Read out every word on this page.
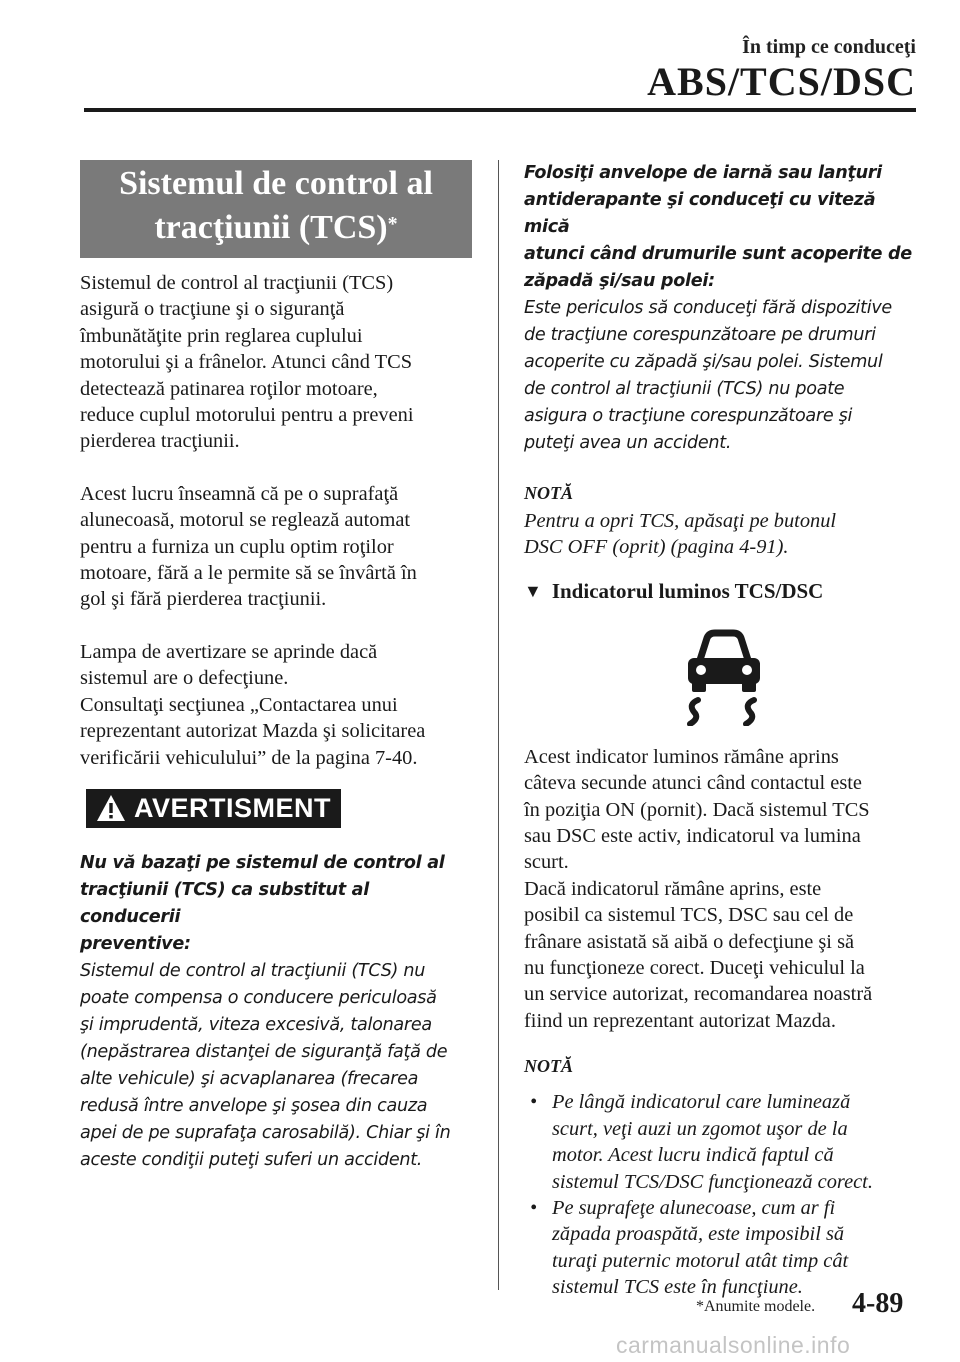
În timp ce conduceţi
ABS/TCS/DSC
Sistemul de control al
tracţiunii (TCS)*

Sistemul de control al tracţiunii (TCS)

asigură o tracţiune şi o siguranţă

îmbunătăţite prin reglarea cuplului

motorului şi a frânelor. Atunci când TCS

detectează patinarea roţilor motoare,

reduce cuplul motorului pentru a preveni

pierderea tracţiunii.

Acest lucru înseamnă că pe o suprafaţă

alunecoasă, motorul se reglează automat

pentru a furniza un cuplu optim roţilor

motoare, fără a le permite să se învârtă în

gol şi fără pierderea tracţiunii.

Lampa de avertizare se aprinde dacă

sistemul are o defecţiune.

Consultaţi secţiunea „Contactarea unui

reprezentant autorizat Mazda şi solicitarea

verificării vehiculului” de la pagina 7-40.

AVERTISMENT

Nu vă bazaţi pe sistemul de control al

tracţiunii (TCS) ca substitut al conducerii

preventive:

Sistemul de control al tracţiunii (TCS) nu

poate compensa o conducere periculoasă

şi imprudentă, viteza excesivă, talonarea

(nepăstrarea distanţei de siguranţă faţă de

alte vehicule) şi acvaplanarea (frecarea

redusă între anvelope şi şosea din cauza

apei de pe suprafaţa carosabilă). Chiar şi în

aceste condiţii puteţi suferi un accident.

Folosiţi anvelope de iarnă sau lanţuri

antiderapante şi conduceţi cu viteză mică

atunci când drumurile sunt acoperite de

zăpadă şi/sau polei:

Este periculos să conduceţi fără dispozitive

de tracţiune corespunzătoare pe drumuri

acoperite cu zăpadă şi/sau polei. Sistemul

de control al tracţiunii (TCS) nu poate

asigura o tracţiune corespunzătoare şi

puteţi avea un accident.

NOTĂ

Pentru a opri TCS, apăsaţi pe butonul

DSC OFF (oprit) (pagina 4-91).

▼ Indicatorul luminos TCS/DSC

Acest indicator luminos rămâne aprins

câteva secunde atunci când contactul este

în poziţia ON (pornit). Dacă sistemul TCS

sau DSC este activ, indicatorul va lumina

scurt.

Dacă indicatorul rămâne aprins, este

posibil ca sistemul TCS, DSC sau cel de

frânare asistată să aibă o defecţiune şi să

nu funcţioneze corect. Duceţi vehiculul la

un service autorizat, recomandarea noastră

fiind un reprezentant autorizat Mazda.

NOTĂ

• Pe lângă indicatorul care luminează
scurt, veţi auzi un zgomot uşor de la
motor. Acest lucru indică faptul că
sistemul TCS/DSC funcţionează corect.
• Pe suprafeţe alunecoase, cum ar fi
zăpada proaspătă, este imposibil să
turaţi puternic motorul atât timp cât
sistemul TCS este în funcţiune.
*Anumite modele. 4-89
carmanualsonline.info
